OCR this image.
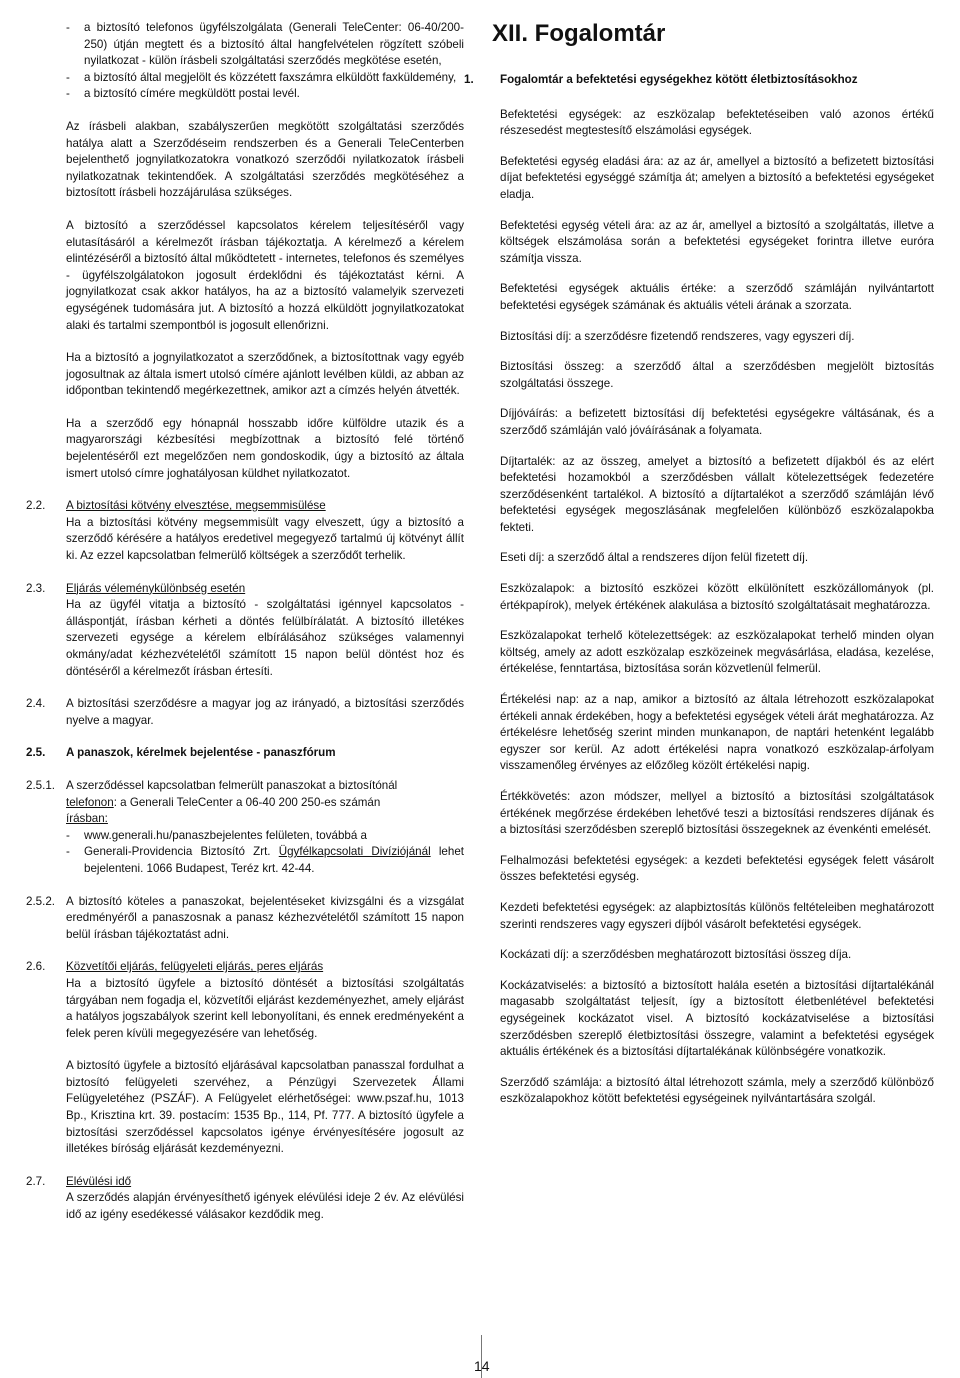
- a biztosító telefonos ügyfélszolgálata (Generali TeleCenter: 06-40/200-250) útján megtett és a biztosító által hangfelvételen rögzített szóbeli nyilatkozat - külön írásbeli szolgáltatási szerződés megkötése esetén,
- a biztosító által megjelölt és közzétett faxszámra elküldött faxküldemény,
- a biztosító címére megküldött postai levél.

Az írásbeli alakban, szabályszerűen megkötött szolgáltatási szerződés hatálya alatt a Szerződéseim rendszerben és a Generali TeleCenterben bejelenthető jognyilatkozatokra vonatkozó szerződői nyilatkozatok írásbeli nyilatkozatnak tekintendőek. A szolgáltatási szerződés megkötéséhez a biztosított írásbeli hozzájárulása szükséges.

A biztosító a szerződéssel kapcsolatos kérelem teljesítéséről vagy elutasításáról a kérelmezőt írásban tájékoztatja. A kérelmező a kérelem elintézéséről a biztosító által működtetett - internetes, telefonos és személyes - ügyfélszolgálatokon jogosult érdeklődni és tájékoztatást kérni. A jognyilatkozat csak akkor hatályos, ha az a biztosító valamelyik szervezeti egységének tudomására jut. A biztosító a hozzá elküldött jognyilatkozatokat alaki és tartalmi szempontból is jogosult ellenőrizni.

Ha a biztosító a jognyilatkozatot a szerződőnek, a biztosítottnak vagy egyéb jogosultnak az általa ismert utolsó címére ajánlott levélben küldi, az abban az időpontban tekintendő megérkezettnek, amikor azt a címzés helyén átvették.

Ha a szerződő egy hónapnál hosszabb időre külföldre utazik és a magyarországi kézbesítési megbízottnak a biztosító felé történő bejelentéséről ezt megelőzően nem gondoskodik, úgy a biztosító az általa ismert utolsó címre joghatályosan küldhet nyilatkozatot.

2.2.	A biztosítási kötvény elvesztése, megsemmisülése

Ha a biztosítási kötvény megsemmisült vagy elveszett, úgy a biztosító a szerződő kérésére a hatályos eredetivel megegyező tartalmú új kötvényt állít ki. Az ezzel kapcsolatban felmerülő költségek a szerződőt terhelik.

2.3.	Eljárás véleménykülönbség esetén

Ha az ügyfél vitatja a biztosító - szolgáltatási igénnyel kapcsolatos - álláspontját, írásban kérheti a döntés felülbírálatát. A biztosító illetékes szervezeti egysége a kérelem elbírálásához szükséges valamennyi okmány/adat kézhezvételétől számított 15 napon belül döntést hoz és döntéséről a kérelmezőt írásban értesíti.

2.4.	A biztosítási szerződésre a magyar jog az irányadó, a biztosítási szerződés nyelve a magyar.

2.5.	A panaszok, kérelmek bejelentése - panaszfórum

2.5.1. A szerződéssel kapcsolatban felmerült panaszokat a biztosítónál

telefonon: a Generali TeleCenter a 06-40 200 250-es számán
írásban:
- www.generali.hu/panaszbejelentes felületen, továbbá a
- Generali-Providencia Biztosító Zrt. Ügyfélkapcsolati Divíziójánál lehet bejelenteni. 1066 Budapest, Teréz krt. 42-44.
2.5.2. A biztosító köteles a panaszokat, bejelentéseket kivizsgálni és a vizsgálat eredményéről a panaszosnak a panasz kézhezvételétől számított 15 napon belül írásban tájékoztatást adni.

2.6.	Közvetítői eljárás, felügyeleti eljárás, peres eljárás

Ha a biztosító ügyfele a biztosító döntését a biztosítási szolgáltatás tárgyában nem fogadja el, közvetítői eljárást kezdeményezhet, amely eljárást a hatályos jogszabályok szerint kell lebonyolítani, és ennek eredményeként a felek peren kívüli megegyezésére van lehetőség.

A biztosító ügyfele a biztosító eljárásával kapcsolatban panasszal fordulhat a biztosító felügyeleti szervéhez, a Pénzügyi Szervezetek Állami Felügyeletéhez (PSZÁF). A Felügyelet elérhetőségei: www.pszaf.hu, 1013 Bp., Krisztina krt. 39. postacím: 1535 Bp., 114, Pf. 777. A biztosító ügyfele a biztosítási szerződéssel kapcsolatos igénye érvényesítésére jogosult az illetékes bíróság eljárását kezdeményezni.

2.7.	Elévülési idő

A szerződés alapján érvényesíthető igények elévülési ideje 2 év. Az elévülési idő az igény esedékessé válásakor kezdődik meg.

XII. Fogalomtár
1. Fogalomtár a befektetési egységekhez kötött életbiztosításokhoz

Befektetési egységek: az eszközalap befektetéseiben való azonos értékű részesedést megtestesítő elszámolási egységek.

Befektetési egység eladási ára: az az ár, amellyel a biztosító a befizetett biztosítási díjat befektetési egységgé számítja át; amelyen a biztosító a befektetési egységeket eladja.

Befektetési egység vételi ára: az az ár, amellyel a biztosító a szolgáltatás, illetve a költségek elszámolása során a befektetési egységeket forintra illetve euróra számítja vissza.

Befektetési egységek aktuális értéke: a szerződő számláján nyilvántartott befektetési egységek számának és aktuális vételi árának a szorzata.

Biztosítási díj: a szerződésre fizetendő rendszeres, vagy egyszeri díj.

Biztosítási összeg: a szerződő által a szerződésben megjelölt biztosítás szolgáltatási összege.

Díjjóváírás: a befizetett biztosítási díj befektetési egységekre váltásának, és a szerződő számláján való jóváírásának a folyamata.

Díjtartalék: az az összeg, amelyet a biztosító a befizetett díjakból és az elért befektetési hozamokból a szerződésben vállalt kötelezettségek fedezetére szerződésenként tartalékol. A biztosító a díjtartalékot a szerződő számláján lévő befektetési egységek megoszlásának megfelelően különböző eszközalapokba fekteti.

Eseti díj: a szerződő által a rendszeres díjon felül fizetett díj.

Eszközalapok: a biztosító eszközei között elkülönített eszközállományok (pl. értékpapírok), melyek értékének alakulása a biztosító szolgáltatásait meghatározza.

Eszközalapokat terhelő kötelezettségek: az eszközalapokat terhelő minden olyan költség, amely az adott eszközalap eszközeinek megvásárlása, eladása, kezelése, értékelése, fenntartása, biztosítása során közvetlenül felmerül.

Értékelési nap: az a nap, amikor a biztosító az általa létrehozott eszközalapokat értékeli annak érdekében, hogy a befektetési egységek vételi árát meghatározza. Az értékelésre lehetőség szerint minden munkanapon, de naptári hetenként legalább egyszer sor kerül. Az adott értékelési napra vonatkozó eszközalap-árfolyam visszamenőleg érvényes az előzőleg közölt értékelési napig.

Értékkövetés: azon módszer, mellyel a biztosító a biztosítási szolgáltatások értékének megőrzése érdekében lehetővé teszi a biztosítási rendszeres díjának és a biztosítási szerződésben szereplő biztosítási összegeknek az évenkénti emelését.

Felhalmozási befektetési egységek: a kezdeti befektetési egységek felett vásárolt összes befektetési egység.

Kezdeti befektetési egységek: az alapbiztosítás különös feltételeiben meghatározott szerinti rendszeres vagy egyszeri díjból vásárolt befektetési egységek.

Kockázati díj: a szerződésben meghatározott biztosítási összeg díja.

Kockázatviselés: a biztosító a biztosított halála esetén a biztosítási díjtartalékánál magasabb szolgáltatást teljesít, így a biztosított életbenlétével befektetési egységeinek kockázatot visel. A biztosító kockázatviselése a biztosítási szerződésben szereplő életbiztosítási összegre, valamint a befektetési egységek aktuális értékének és a biztosítási díjtartalékának különbségére vonatkozik.

Szerződő számlája: a biztosító által létrehozott számla, mely a szerződő különböző eszközalapokhoz kötött befektetési egységeinek nyilvántartására szolgál.

14
